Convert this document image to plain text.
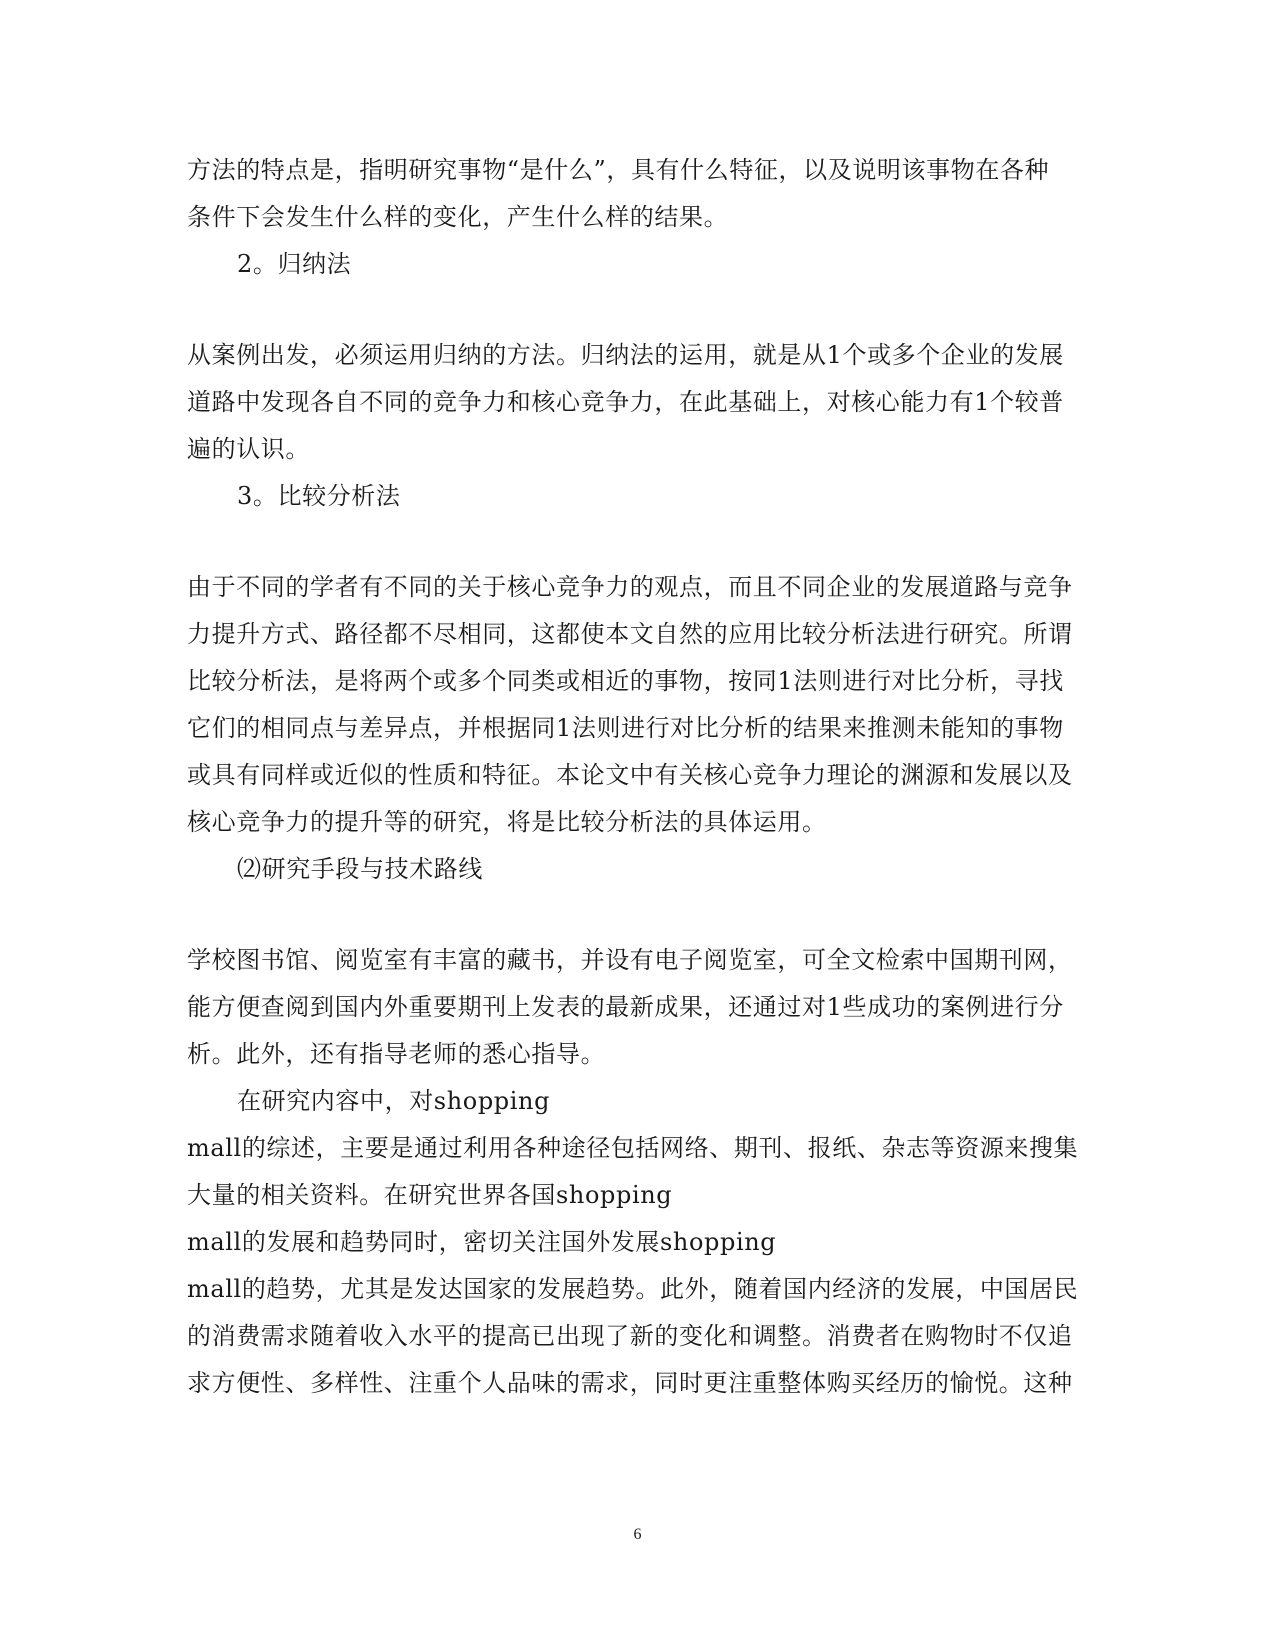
方法的特点是，指明研究事物“是什么”，具有什么特征，以及说明该事物在各种
条件下会发生什么样的变化，产生什么样的结果。
2。归纳法
从案例出发，必须运用归纳的方法。归纳法的运用，就是从1个或多个企业的发展
道路中发现各自不同的竞争力和核心竞争力，在此基础上，对核心能力有1个较普
遍的认识。
3。比较分析法
由于不同的学者有不同的关于核心竞争力的观点，而且不同企业的发展道路与竞争
力提升方式、路径都不尽相同，这都使本文自然的应用比较分析法进行研究。所谓
比较分析法，是将两个或多个同类或相近的事物，按同1法则进行对比分析，寻找
它们的相同点与差异点，并根据同1法则进行对比分析的结果来推测未能知的事物
或具有同样或近似的性质和特征。本论文中有关核心竞争力理论的渊源和发展以及
核心竞争力的提升等的研究，将是比较分析法的具体运用。
⑵研究手段与技术路线
学校图书馆、阅览室有丰富的藏书，并设有电子阅览室，可全文检索中国期刊网，
能方便查阅到国内外重要期刊上发表的最新成果，还通过对1些成功的案例进行分
析。此外，还有指导老师的悉心指导。
在研究内容中，对shopping
mall的综述，主要是通过利用各种途径包括网络、期刊、报纸、杂志等资源来搜集
大量的相关资料。在研究世界各国shopping
mall的发展和趋势同时，密切关注国外发展shopping
mall的趋势，尤其是发达国家的发展趋势。此外，随着国内经济的发展，中国居民
的消费需求随着收入水平的提高已出现了新的变化和调整。消费者在购物时不仅追
求方便性、多样性、注重个人品味的需求，同时更注重整体购买经历的愉悦。这种
6
